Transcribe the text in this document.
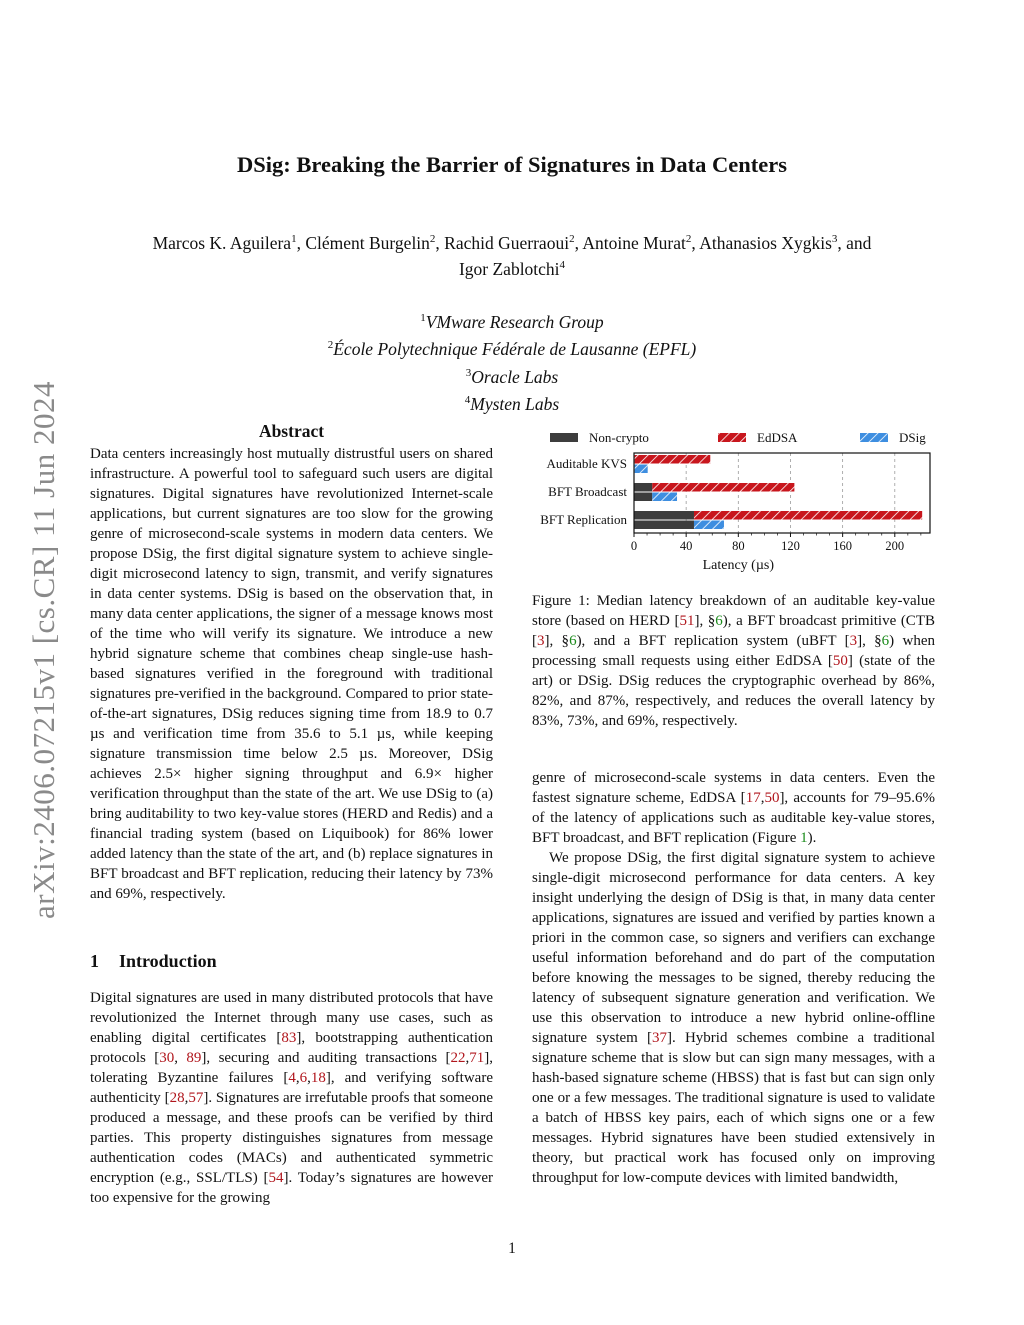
arXiv:2406.07215v1 [cs.CR] 11 Jun 2024
DSig: Breaking the Barrier of Signatures in Data Centers
Marcos K. Aguilera$^1$, Clément Burgelin$^2$, Rachid Guerraoui$^2$, Antoine Murat$^2$, Athanasios Xygkis$^3$, and
Igor Zablotchi$^4$
$^1$VMware Research Group
$^2$École Polytechnique Fédérale de Lausanne (EPFL)
$^3$Oracle Labs
$^4$Mysten Labs
Abstract

Data centers increasingly host mutually distrustful users on shared infrastructure. A powerful tool to safeguard such users are digital signatures. Digital signatures have revolutionized Internet-scale applications, but current signatures are too slow for the growing genre of microsecond-scale systems in modern data centers. We propose DSig, the first digital signature system to achieve single-digit microsecond latency to sign, transmit, and verify signatures in data center systems. DSig is based on the observation that, in many data center applications, the signer of a message knows most of the time who will verify its signature. We introduce a new hybrid signature scheme that combines cheap single-use hash-based signatures verified in the foreground with traditional signatures pre-verified in the background. Compared to prior state-of-the-art signatures, DSig reduces signing time from 18.9 to 0.7 µs and verification time from 35.6 to 5.1 µs, while keeping signature transmission time below 2.5 µs. Moreover, DSig achieves 2.5× higher signing throughput and 6.9× higher verification throughput than the state of the art. We use DSig to (a) bring auditability to two key-value stores (HERD and Redis) and a financial trading system (based on Liquibook) for 86% lower added latency than the state of the art, and (b) replace signatures in BFT broadcast and BFT replication, reducing their latency by 73% and 69%, respectively.

1 Introduction

Digital signatures are used in many distributed protocols that have revolutionized the Internet through many use cases, such as enabling digital certificates [83], bootstrapping authentication protocols [30, 89], securing and auditing transactions [22,71], tolerating Byzantine failures [4,6,18], and verifying software authenticity [28,57]. Signatures are irrefutable proofs that someone produced a message, and these proofs can be verified by third parties. This property distinguishes signatures from message authentication codes (MACs) and authenticated symmetric encryption (e.g., SSL/TLS) [54]. Today’s signatures are however too expensive for the growing

Non-crypto	EdDSA	DSig
Auditable KVS
BFT Broadcast
BFT Replication
0	40	80	120	160	200
Latency (µs)

Figure 1: Median latency breakdown of an auditable key-value store (based on HERD [51], §6), a BFT broadcast primitive (CTB [3], §6), and a BFT replication system (uBFT [3], §6) when processing small requests using either EdDSA [50] (state of the art) or DSig. DSig reduces the cryptographic overhead by 86%, 82%, and 87%, respectively, and reduces the overall latency by 83%, 73%, and 69%, respectively.

genre of microsecond-scale systems in data centers. Even the fastest signature scheme, EdDSA [17,50], accounts for 79–95.6% of the latency of applications such as auditable key-value stores, BFT broadcast, and BFT replication (Figure 1).

We propose DSig, the first digital signature system to achieve single-digit microsecond performance for data centers. A key insight underlying the design of DSig is that, in many data center applications, signatures are issued and verified by parties known a priori in the common case, so signers and verifiers can exchange useful information beforehand and do part of the computation before knowing the messages to be signed, thereby reducing the latency of subsequent signature generation and verification. We use this observation to introduce a new hybrid online-offline signature system [37]. Hybrid schemes combine a traditional signature scheme that is slow but can sign many messages, with a hash-based signature scheme (HBSS) that is fast but can sign only one or a few messages. The traditional signature is used to validate a batch of HBSS key pairs, each of which signs one or a few messages. Hybrid signatures have been studied extensively in theory, but practical work has focused only on improving throughput for low-compute devices with limited bandwidth,

1
